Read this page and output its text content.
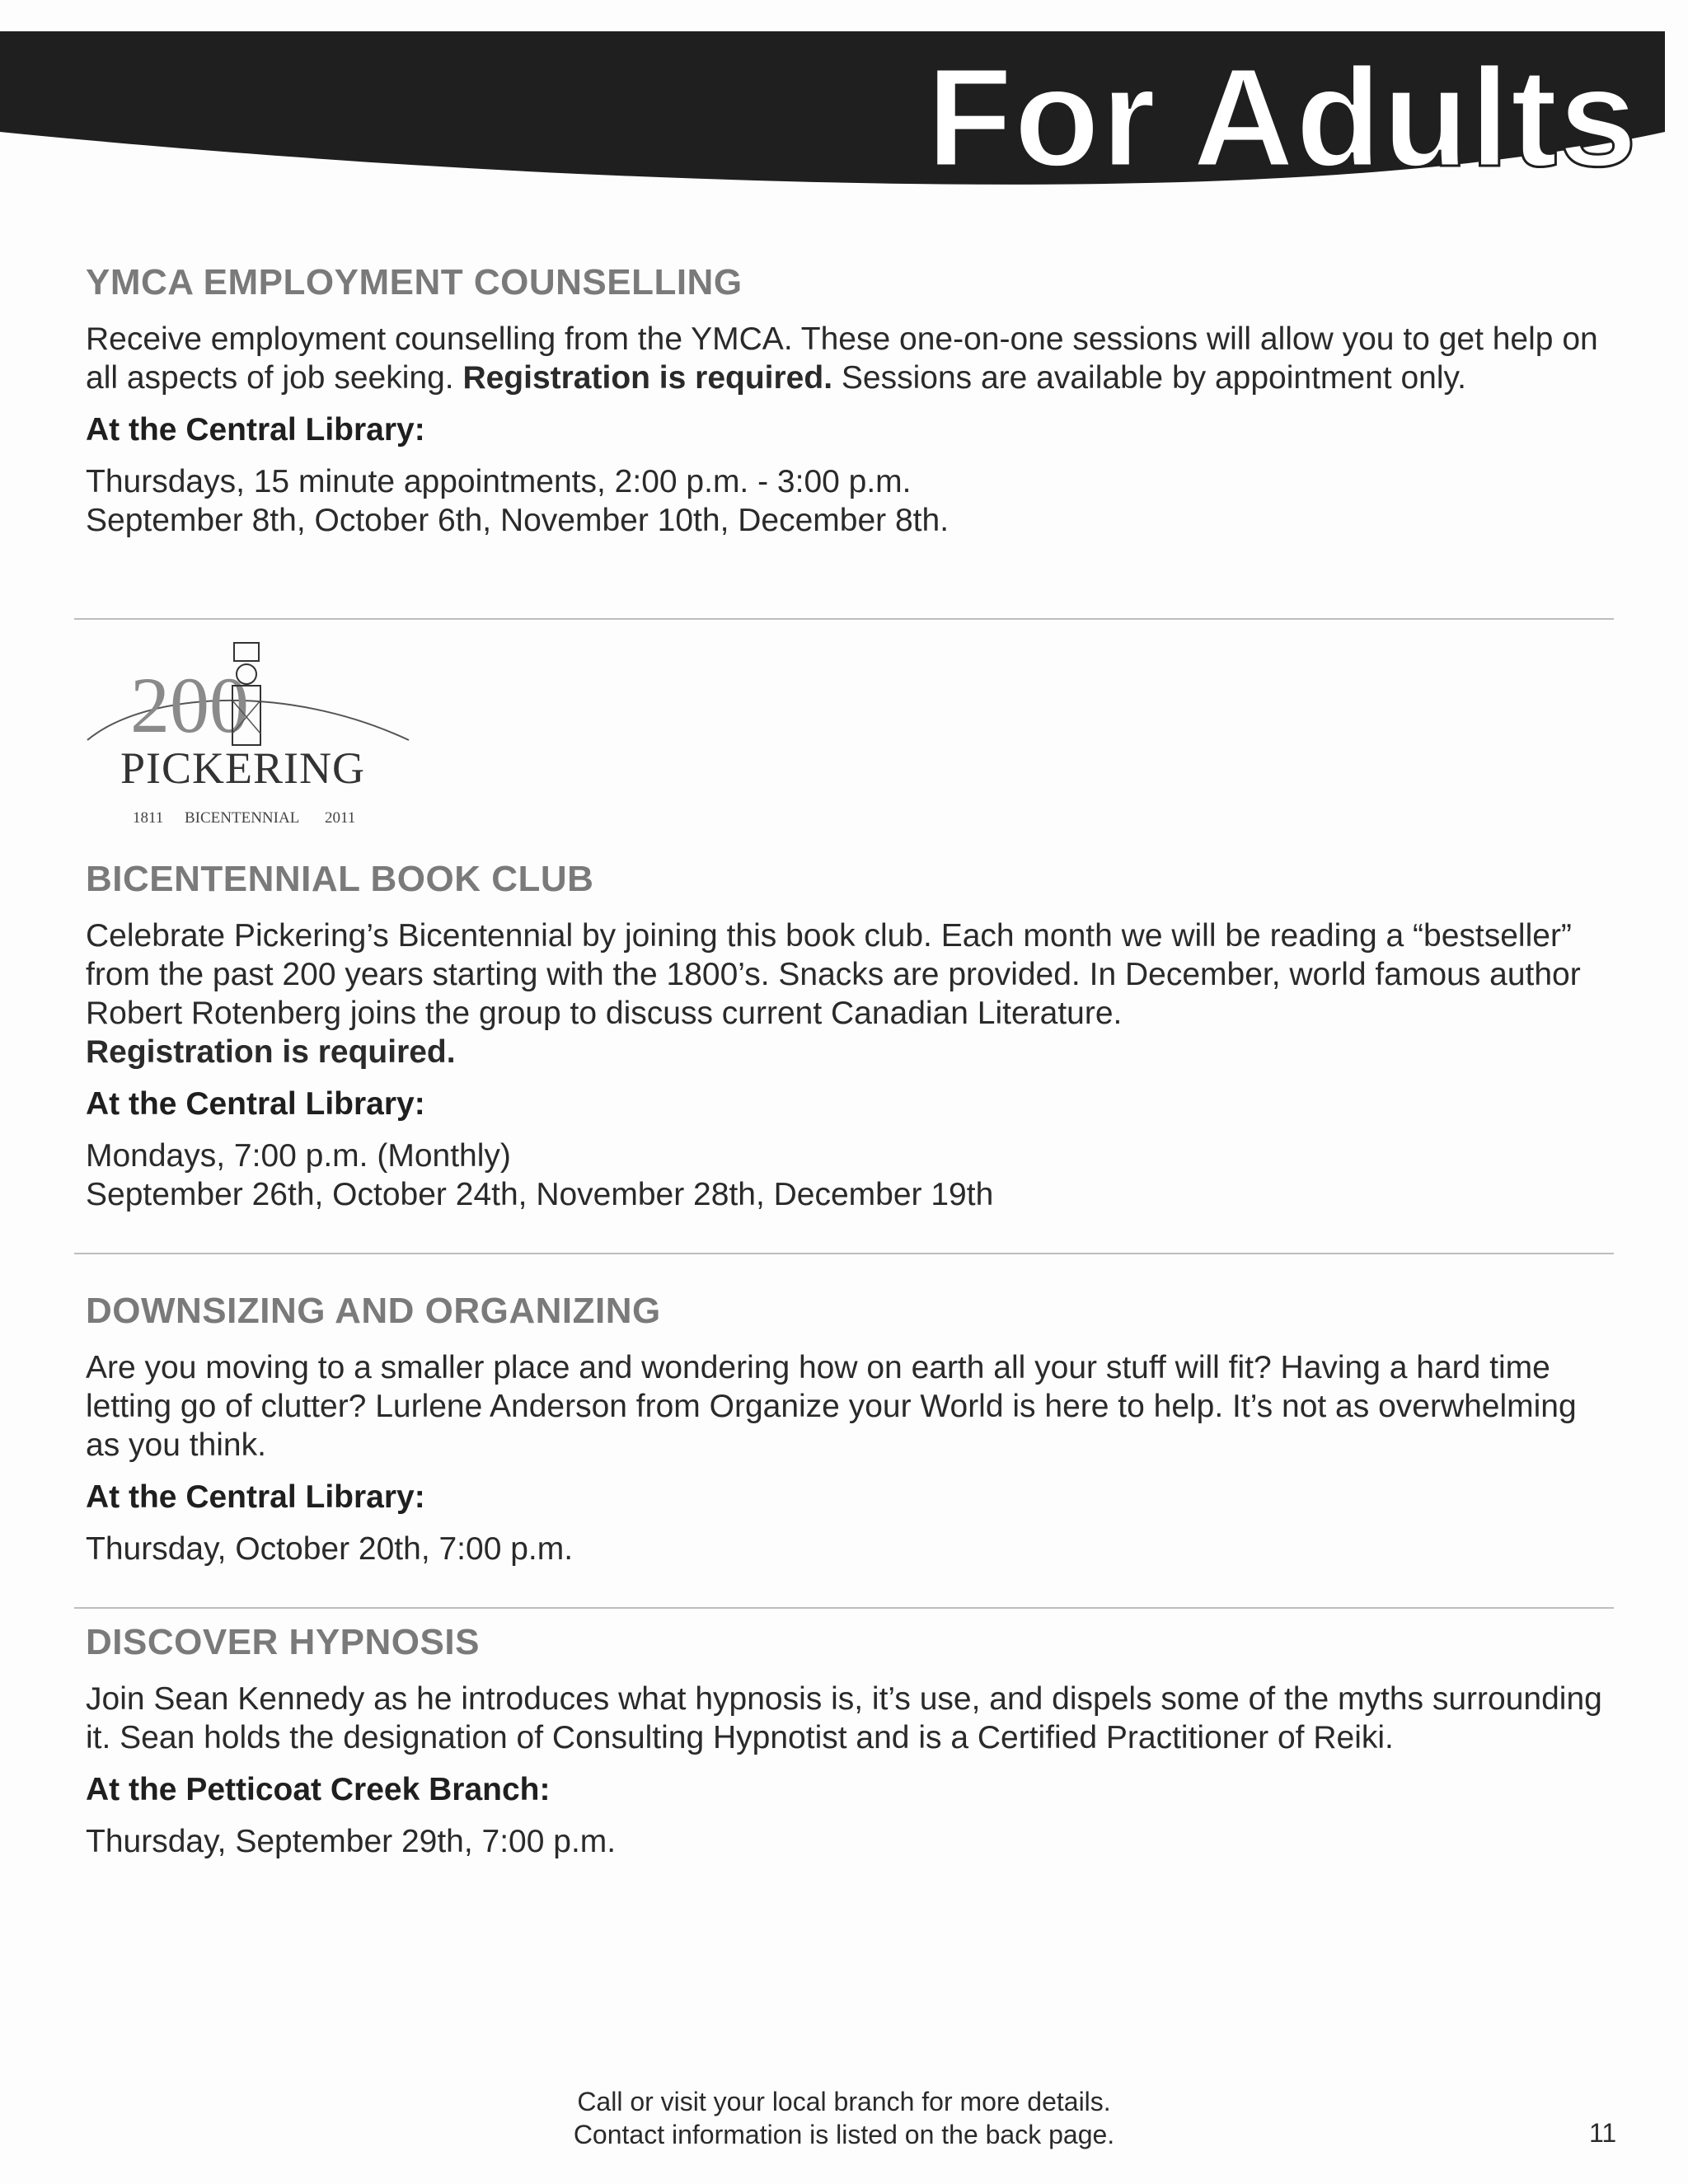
For Adults
YMCA EMPLOYMENT COUNSELLING

Receive employment counselling from the YMCA. These one-on-one sessions will allow you to get help on all aspects of job seeking. Registration is required. Sessions are available by appointment only.

At the Central Library:
Thursdays, 15 minute appointments, 2:00 p.m. - 3:00 p.m.
September 8th, October 6th, November 10th, December 8th.
200
PICKERING
1811 BICENTENNIAL 2011
BICENTENNIAL BOOK CLUB

Celebrate Pickering’s Bicentennial by joining this book club. Each month we will be reading a “bestseller” from the past 200 years starting with the 1800’s. Snacks are provided. In December, world famous author Robert Rotenberg joins the group to discuss current Canadian Literature.
Registration is required.

At the Central Library:
Mondays, 7:00 p.m. (Monthly)
September 26th, October 24th, November 28th, December 19th
DOWNSIZING AND ORGANIZING

Are you moving to a smaller place and wondering how on earth all your stuff will fit? Having a hard time letting go of clutter? Lurlene Anderson from Organize your World is here to help. It’s not as overwhelming as you think.

At the Central Library:
Thursday, October 20th, 7:00 p.m.
DISCOVER HYPNOSIS

Join Sean Kennedy as he introduces what hypnosis is, it’s use, and dispels some of the myths surrounding it. Sean holds the designation of Consulting Hypnotist and is a Certified Practitioner of Reiki.

At the Petticoat Creek Branch:
Thursday, September 29th, 7:00 p.m.
Call or visit your local branch for more details.
Contact information is listed on the back page.	11
